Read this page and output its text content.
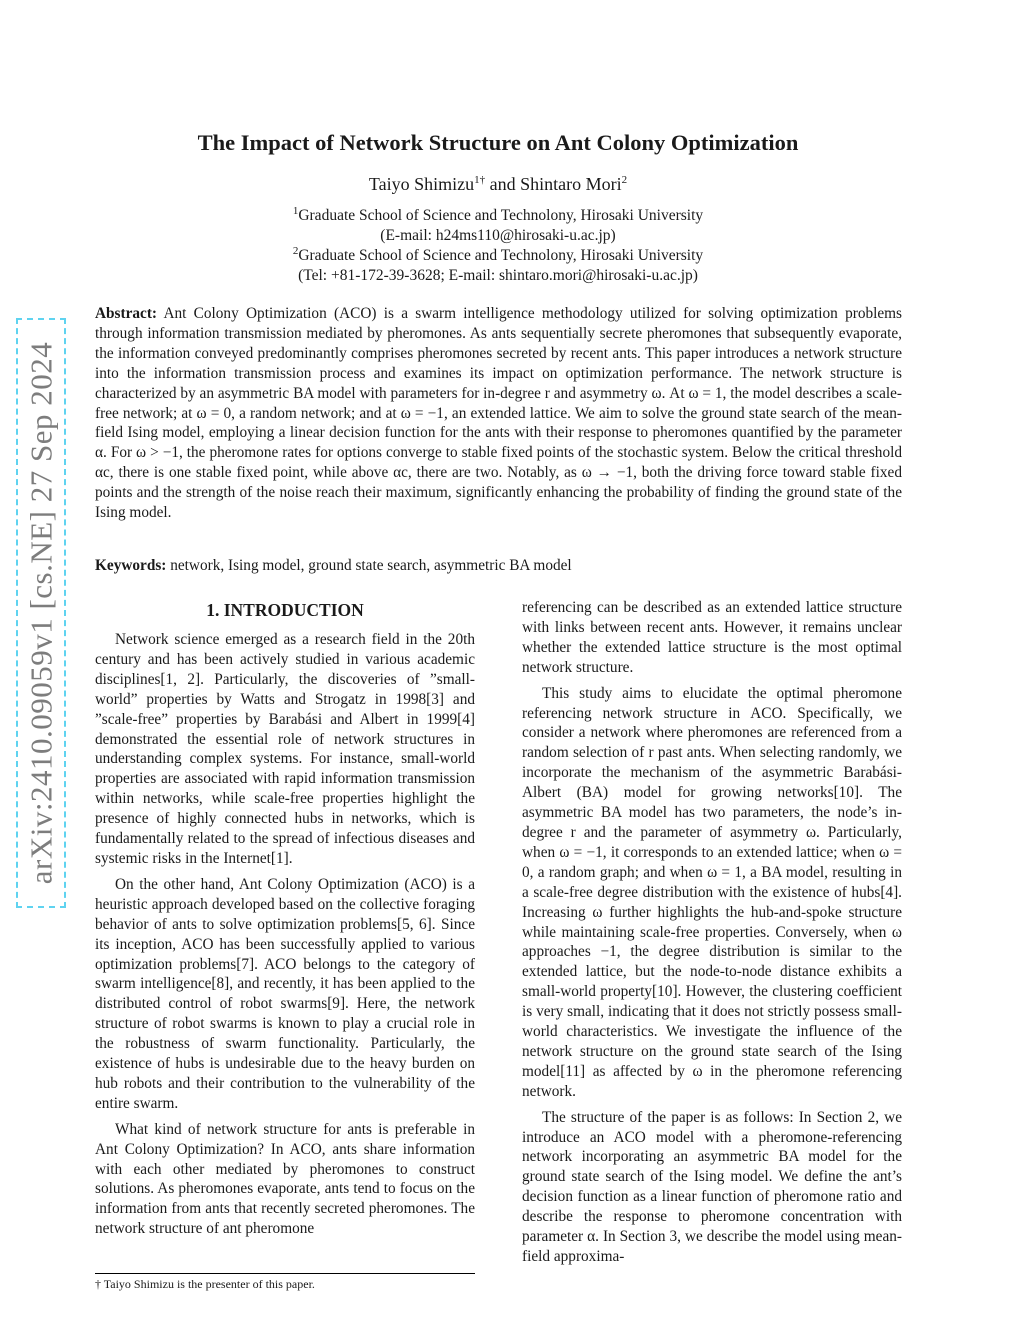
arXiv:2410.09059v1 [cs.NE] 27 Sep 2024
The Impact of Network Structure on Ant Colony Optimization
Taiyo Shimizu$^{1\dagger}$ and Shintaro Mori$^2$
$^1$Graduate School of Science and Technolony, Hirosaki University
(E-mail: h24ms110@hirosaki-u.ac.jp)
$^2$Graduate School of Science and Technolony, Hirosaki University
(Tel: +81-172-39-3628; E-mail: shintaro.mori@hirosaki-u.ac.jp)

Abstract: Ant Colony Optimization (ACO) is a swarm intelligence methodology utilized for solving optimization problems through information transmission mediated by pheromones. As ants sequentially secrete pheromones that subsequently evaporate, the information conveyed predominantly comprises pheromones secreted by recent ants. This paper introduces a network structure into the information transmission process and examines its impact on optimization performance. The network structure is characterized by an asymmetric BA model with parameters for in-degree r and asymmetry ω. At ω = 1, the model describes a scale-free network; at ω = 0, a random network; and at ω = −1, an extended lattice. We aim to solve the ground state search of the mean-field Ising model, employing a linear decision function for the ants with their response to pheromones quantified by the parameter α. For ω > −1, the pheromone rates for options converge to stable fixed points of the stochastic system. Below the critical threshold αc, there is one stable fixed point, while above αc, there are two. Notably, as ω → −1, both the driving force toward stable fixed points and the strength of the noise reach their maximum, significantly enhancing the probability of finding the ground state of the Ising model.

Keywords: network, Ising model, ground state search, asymmetric BA model

1. INTRODUCTION

Network science emerged as a research field in the 20th century and has been actively studied in various academic disciplines[1, 2]. Particularly, the discoveries of ”small-world” properties by Watts and Strogatz in 1998[3] and ”scale-free” properties by Barabási and Albert in 1999[4] demonstrated the essential role of network structures in understanding complex systems. For instance, small-world properties are associated with rapid information transmission within networks, while scale-free properties highlight the presence of highly connected hubs in networks, which is fundamentally related to the spread of infectious diseases and systemic risks in the Internet[1].

On the other hand, Ant Colony Optimization (ACO) is a heuristic approach developed based on the collective foraging behavior of ants to solve optimization problems[5, 6]. Since its inception, ACO has been successfully applied to various optimization problems[7]. ACO belongs to the category of swarm intelligence[8], and recently, it has been applied to the distributed control of robot swarms[9]. Here, the network structure of robot swarms is known to play a crucial role in the robustness of swarm functionality. Particularly, the existence of hubs is undesirable due to the heavy burden on hub robots and their contribution to the vulnerability of the entire swarm.

What kind of network structure for ants is preferable in Ant Colony Optimization? In ACO, ants share information with each other mediated by pheromones to construct solutions. As pheromones evaporate, ants tend to focus on the information from ants that recently secreted pheromones. The network structure of ant pheromone

referencing can be described as an extended lattice structure with links between recent ants. However, it remains unclear whether the extended lattice structure is the most optimal network structure.

This study aims to elucidate the optimal pheromone referencing network structure in ACO. Specifically, we consider a network where pheromones are referenced from a random selection of r past ants. When selecting randomly, we incorporate the mechanism of the asymmetric Barabási-Albert (BA) model for growing networks[10]. The asymmetric BA model has two parameters, the node’s in-degree r and the parameter of asymmetry ω. Particularly, when ω = −1, it corresponds to an extended lattice; when ω = 0, a random graph; and when ω = 1, a BA model, resulting in a scale-free degree distribution with the existence of hubs[4]. Increasing ω further highlights the hub-and-spoke structure while maintaining scale-free properties. Conversely, when ω approaches −1, the degree distribution is similar to the extended lattice, but the node-to-node distance exhibits a small-world property[10]. However, the clustering coefficient is very small, indicating that it does not strictly possess small-world characteristics. We investigate the influence of the network structure on the ground state search of the Ising model[11] as affected by ω in the pheromone referencing network.

The structure of the paper is as follows: In Section 2, we introduce an ACO model with a pheromone-referencing network incorporating an asymmetric BA model for the ground state search of the Ising model. We define the ant’s decision function as a linear function of pheromone ratio and describe the response to pheromone concentration with parameter α. In Section 3, we describe the model using mean-field approxima-

† Taiyo Shimizu is the presenter of this paper.
